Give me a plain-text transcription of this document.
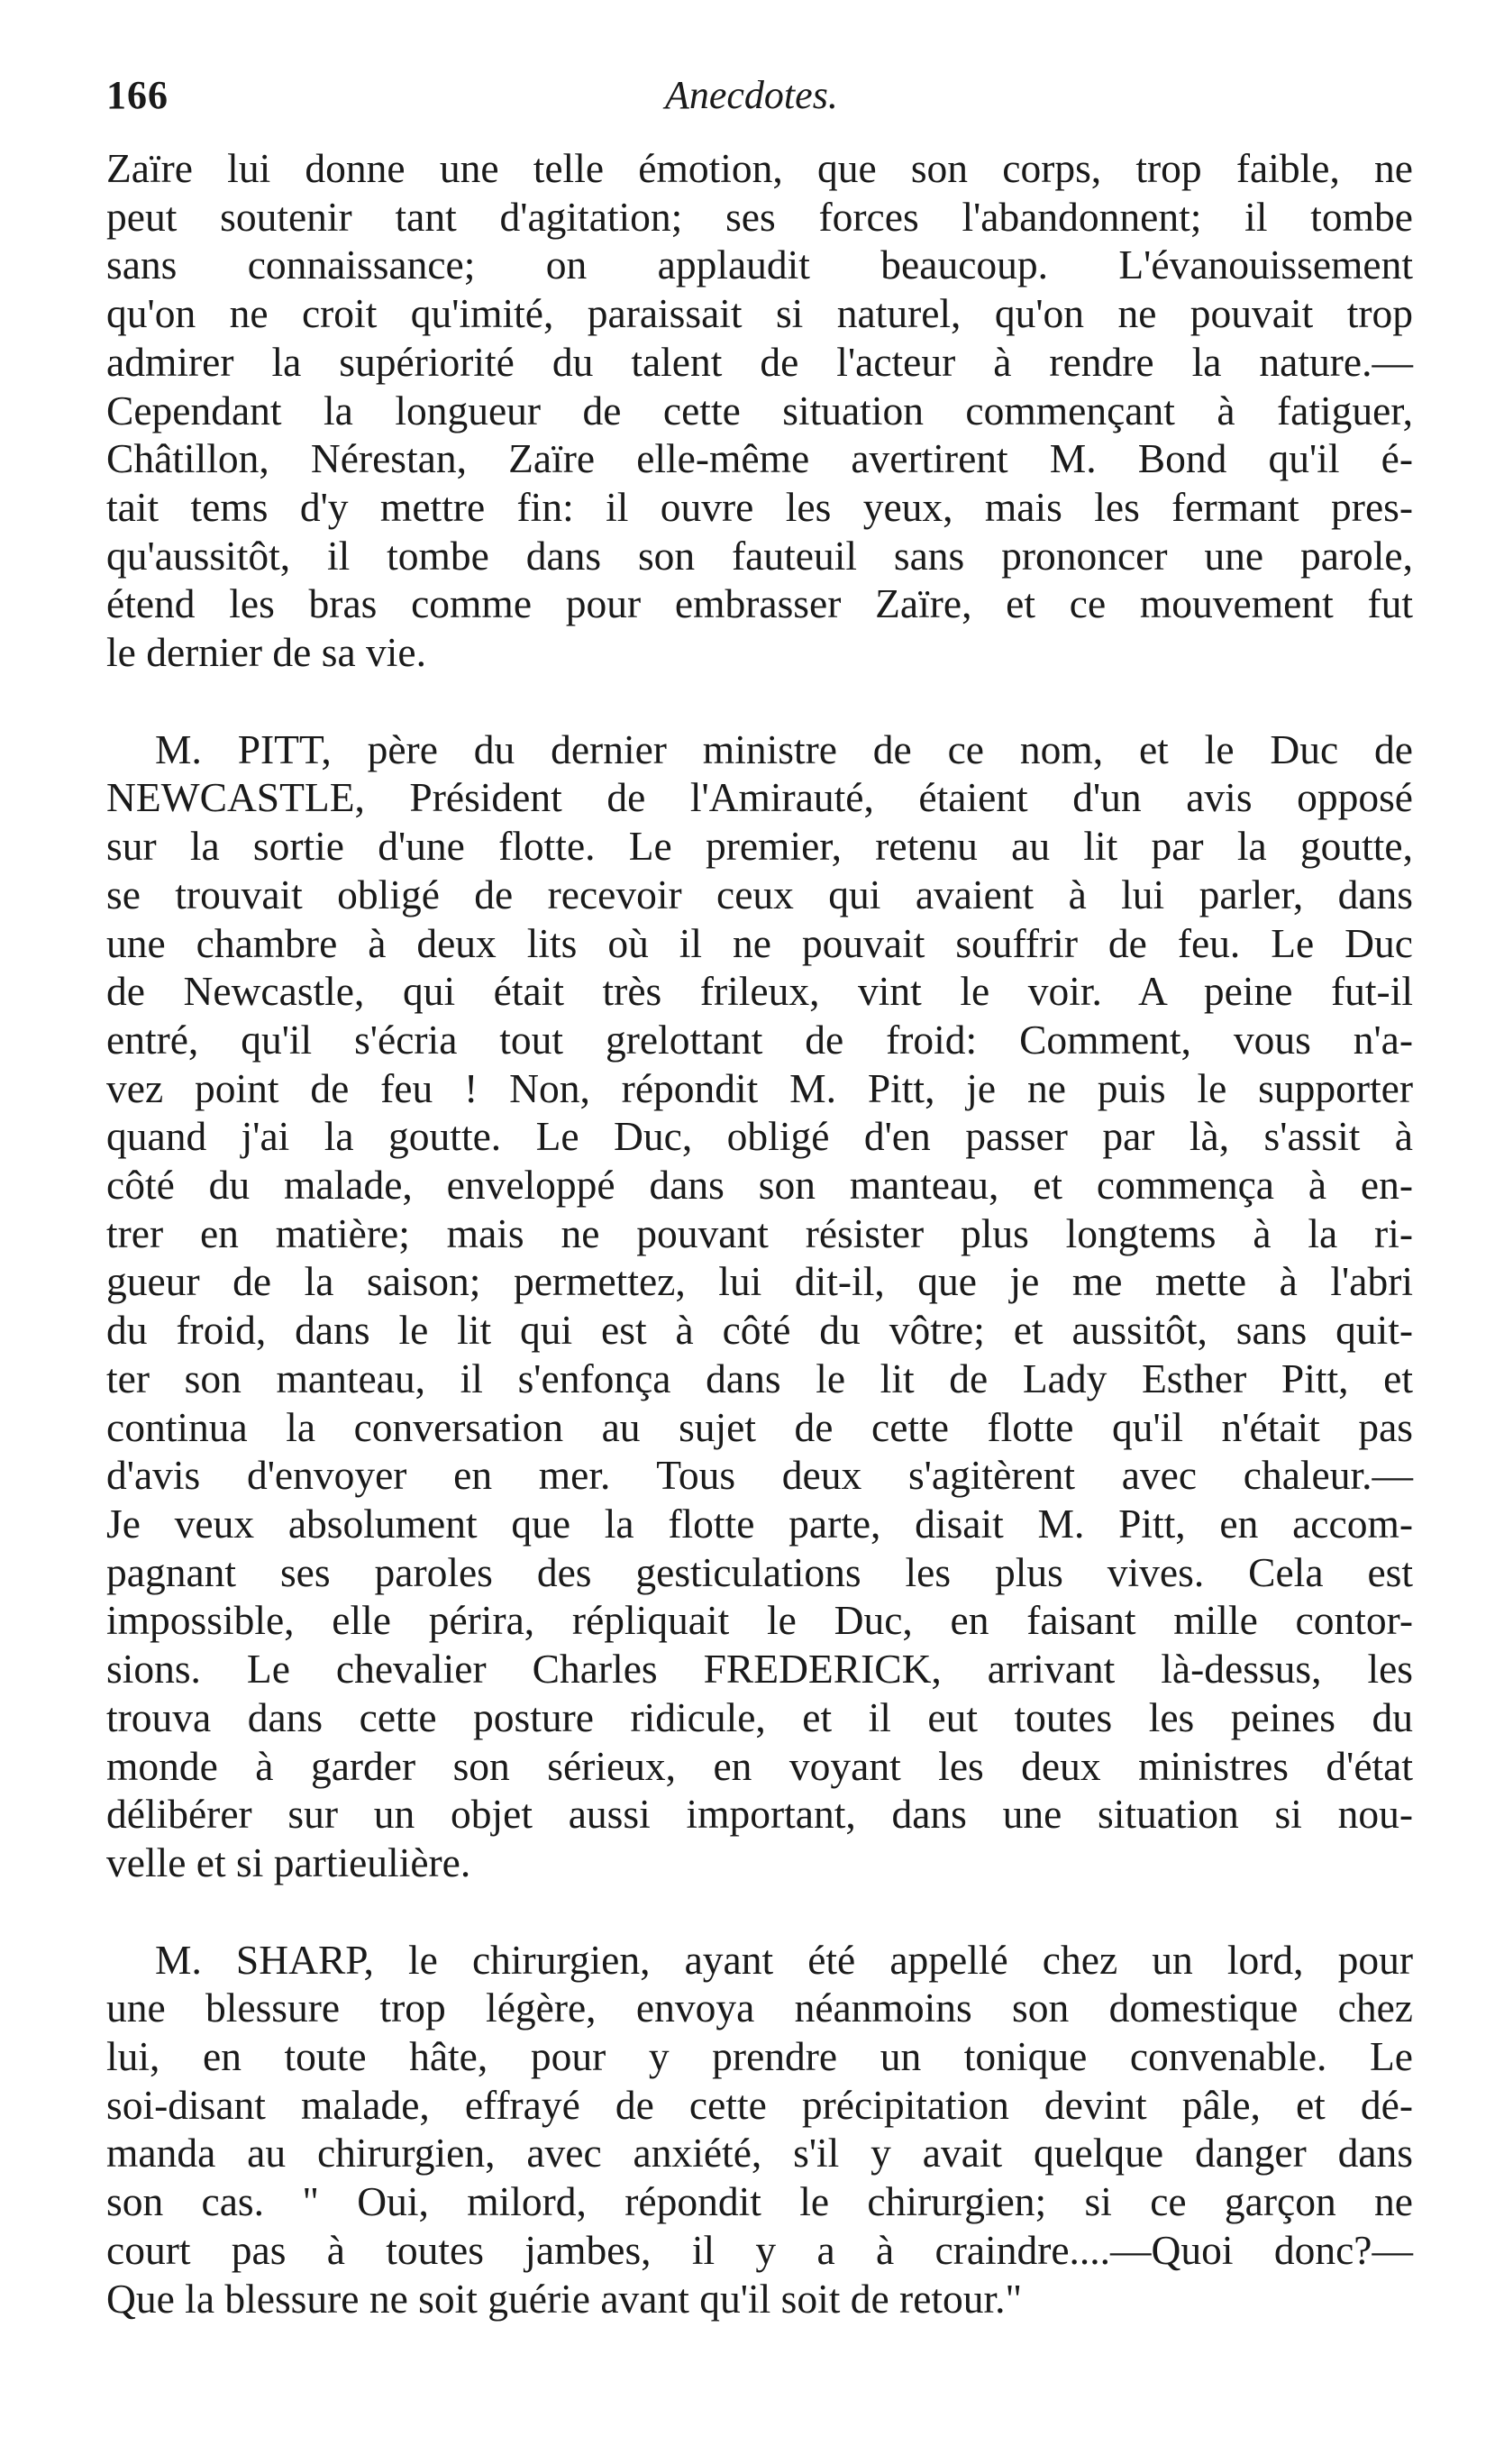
166	Anecdotes.
Zaïre lui donne une telle émotion, que son corps, trop faible, ne
peut soutenir tant d'agitation; ses forces l'abandonnent; il tombe
sans connaissance; on applaudit beaucoup. L'évanouissement
qu'on ne croit qu'imité, paraissait si naturel, qu'on ne pouvait trop
admirer la supériorité du talent de l'acteur à rendre la nature.—
Cependant la longueur de cette situation commençant à fatiguer,
Châtillon, Nérestan, Zaïre elle-même avertirent M. Bond qu'il é-
tait tems d'y mettre fin: il ouvre les yeux, mais les fermant pres-
qu'aussitôt, il tombe dans son fauteuil sans prononcer une parole,
étend les bras comme pour embrasser Zaïre, et ce mouvement fut
le dernier de sa vie.
M. PITT, père du dernier ministre de ce nom, et le Duc de
NEWCASTLE, Président de l'Amirauté, étaient d'un avis opposé
sur la sortie d'une flotte. Le premier, retenu au lit par la goutte,
se trouvait obligé de recevoir ceux qui avaient à lui parler, dans
une chambre à deux lits où il ne pouvait souffrir de feu. Le Duc
de Newcastle, qui était très frileux, vint le voir. A peine fut-il
entré, qu'il s'écria tout grelottant de froid: Comment, vous n'a-
vez point de feu ! Non, répondit M. Pitt, je ne puis le supporter
quand j'ai la goutte. Le Duc, obligé d'en passer par là, s'assit à
côté du malade, enveloppé dans son manteau, et commença à en-
trer en matière; mais ne pouvant résister plus longtems à la ri-
gueur de la saison; permettez, lui dit-il, que je me mette à l'abri
du froid, dans le lit qui est à côté du vôtre; et aussitôt, sans quit-
ter son manteau, il s'enfonça dans le lit de Lady Esther Pitt, et
continua la conversation au sujet de cette flotte qu'il n'était pas
d'avis d'envoyer en mer. Tous deux s'agitèrent avec chaleur.—
Je veux absolument que la flotte parte, disait M. Pitt, en accom-
pagnant ses paroles des gesticulations les plus vives. Cela est
impossible, elle périra, répliquait le Duc, en faisant mille contor-
sions. Le chevalier Charles FREDERICK, arrivant là-dessus, les
trouva dans cette posture ridicule, et il eut toutes les peines du
monde à garder son sérieux, en voyant les deux ministres d'état
délibérer sur un objet aussi important, dans une situation si nou-
velle et si partieulière.
M. SHARP, le chirurgien, ayant été appellé chez un lord, pour
une blessure trop légère, envoya néanmoins son domestique chez
lui, en toute hâte, pour y prendre un tonique convenable. Le
soi-disant malade, effrayé de cette précipitation devint pâle, et dé-
manda au chirurgien, avec anxiété, s'il y avait quelque danger dans
son cas. " Oui, milord, répondit le chirurgien; si ce garçon ne
court pas à toutes jambes, il y a à craindre....—Quoi donc?—
Que la blessure ne soit guérie avant qu'il soit de retour."
